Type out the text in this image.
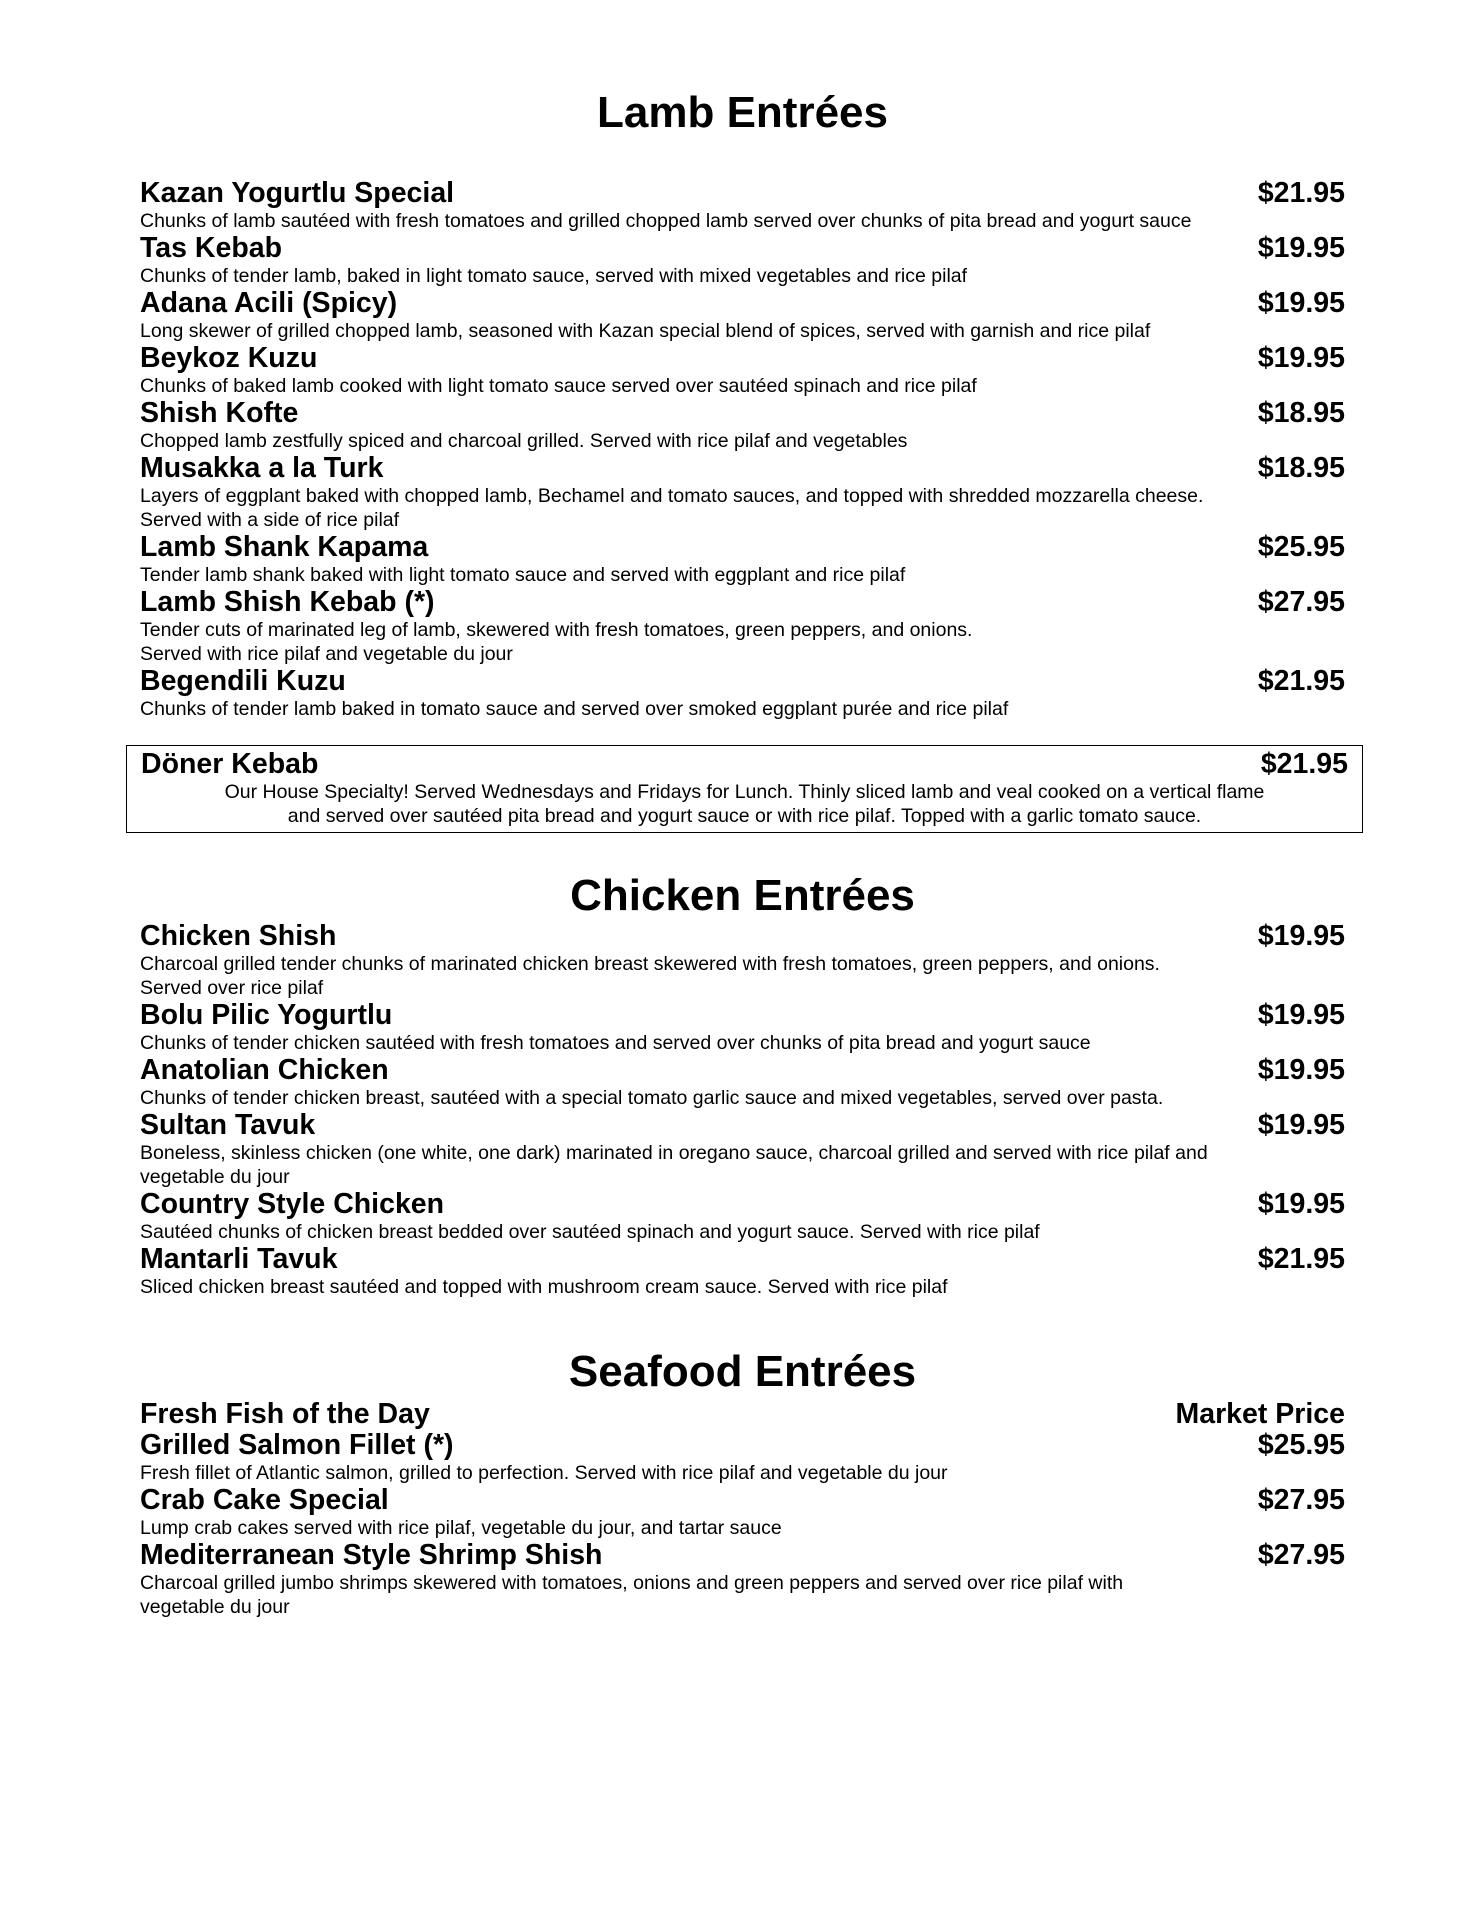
Lamb Entrées
Kazan Yogurtlu Special	$21.95
Chunks of lamb sautéed with fresh tomatoes and grilled chopped lamb served over chunks of pita bread and yogurt sauce
Tas Kebab	$19.95
Chunks of tender lamb, baked in light tomato sauce, served with mixed vegetables and rice pilaf
Adana Acili (Spicy)	$19.95
Long skewer of grilled chopped lamb, seasoned with Kazan special blend of spices, served with garnish and rice pilaf
Beykoz Kuzu	$19.95
Chunks of baked lamb cooked with light tomato sauce served over sautéed spinach and rice pilaf
Shish Kofte	$18.95
Chopped lamb zestfully spiced and charcoal grilled. Served with rice pilaf and vegetables
Musakka a la Turk	$18.95
Layers of eggplant baked with chopped lamb, Bechamel and tomato sauces, and topped with shredded mozzarella cheese.
Served with a side of rice pilaf
Lamb Shank Kapama	$25.95
Tender lamb shank baked with light tomato sauce and served with eggplant and rice pilaf
Lamb Shish Kebab (*)	$27.95
Tender cuts of marinated leg of lamb, skewered with fresh tomatoes, green peppers, and onions.
Served with rice pilaf and vegetable du jour
Begendili Kuzu	$21.95
Chunks of tender lamb baked in tomato sauce and served over smoked eggplant purée and rice pilaf
Döner Kebab	$21.95
Our House Specialty! Served Wednesdays and Fridays for Lunch. Thinly sliced lamb and veal cooked on a vertical flame
and served over sautéed pita bread and yogurt sauce or with rice pilaf. Topped with a garlic tomato sauce.
Chicken Entrées
Chicken Shish	$19.95
Charcoal grilled tender chunks of marinated chicken breast skewered with fresh tomatoes, green peppers, and onions.
Served over rice pilaf
Bolu Pilic Yogurtlu	$19.95
Chunks of tender chicken sautéed with fresh tomatoes and served over chunks of pita bread and yogurt sauce
Anatolian Chicken	$19.95
Chunks of tender chicken breast, sautéed with a special tomato garlic sauce and mixed vegetables, served over pasta.
Sultan Tavuk	$19.95
Boneless, skinless chicken (one white, one dark) marinated in oregano sauce, charcoal grilled and served with rice pilaf and
vegetable du jour
Country Style Chicken	$19.95
Sautéed chunks of chicken breast bedded over sautéed spinach and yogurt sauce. Served with rice pilaf
Mantarli Tavuk	$21.95
Sliced chicken breast sautéed and topped with mushroom cream sauce. Served with rice pilaf
Seafood Entrées
Fresh Fish of the Day	Market Price
Grilled Salmon Fillet (*)	$25.95
Fresh fillet of Atlantic salmon, grilled to perfection. Served with rice pilaf and vegetable du jour
Crab Cake Special	$27.95
Lump crab cakes served with rice pilaf, vegetable du jour, and tartar sauce
Mediterranean Style Shrimp Shish	$27.95
Charcoal grilled jumbo shrimps skewered with tomatoes, onions and green peppers and served over rice pilaf with
vegetable du jour
